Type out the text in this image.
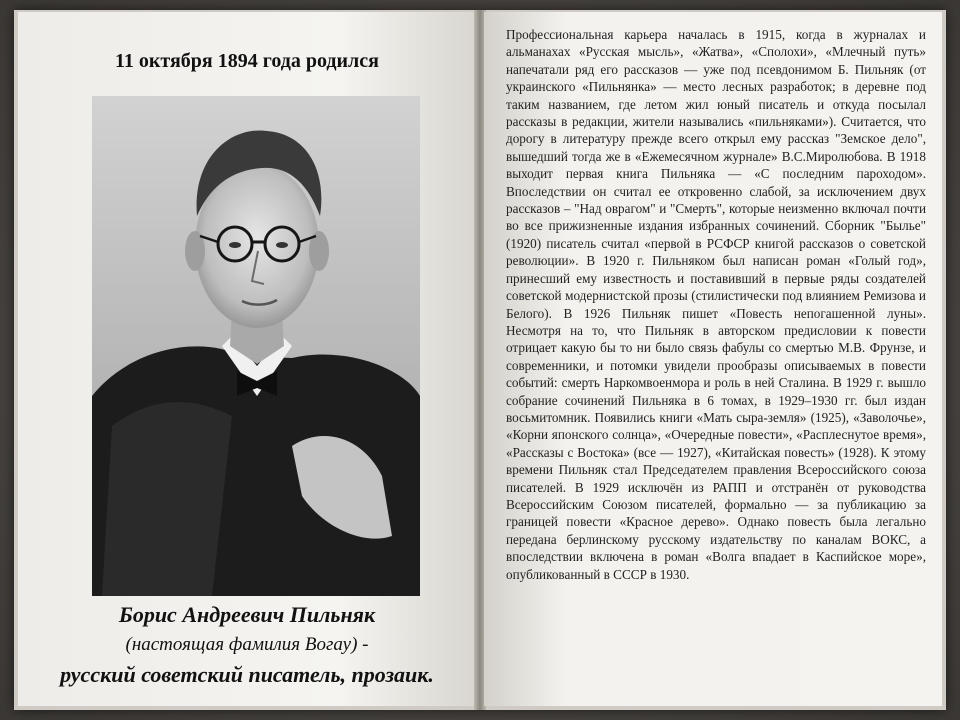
11 октября 1894 года родился

Борис Андреевич Пильняк

(настоящая фамилия Вогау) -

русский советский писатель, прозаик.

Профессиональная карьера началась в 1915, когда в журналах и альманахах «Русская мысль», «Жатва», «Сполохи», «Млечный путь» напечатали ряд его рассказов — уже под псевдонимом Б. Пильняк (от украинского «Пильнянка» — место лесных разработок; в деревне под таким названием, где летом жил юный писатель и откуда посылал рассказы в редакции, жители назывались «пильняками»). Считается, что дорогу в литературу прежде всего открыл ему рассказ "Земское дело", вышедший тогда же в «Ежемесячном журнале» В.С.Миролюбова. В 1918 выходит первая книга Пильняка — «С последним пароходом». Впоследствии он считал ее откровенно слабой, за исключением двух рассказов – "Над оврагом" и "Смерть", которые неизменно включал почти во все прижизненные издания избранных сочинений. Сборник "Былье" (1920) писатель считал «первой в РСФСР книгой рассказов о советской революции». В 1920 г. Пильняком был написан роман «Голый год», принесший ему известность и поставивший в первые ряды создателей советской модернистской прозы (стилистически под влиянием Ремизова и Белого). В 1926 Пильняк пишет «Повесть непогашенной луны». Несмотря на то, что Пильняк в авторском предисловии к повести отрицает какую бы то ни было связь фабулы со смертью М.В. Фрунзе, и современники, и потомки увидели прообразы описываемых в повести событий: смерть Наркомвоенмора и роль в ней Сталина. В 1929 г. вышло собрание сочинений Пильняка в 6 томах, в 1929–1930 гг. был издан восьмитомник. Появились книги «Мать сыра-земля» (1925), «Заволочье», «Корни японского солнца», «Очередные повести», «Расплеснутое время», «Рассказы с Востока» (все — 1927), «Китайская повесть» (1928). К этому времени Пильняк стал Председателем правления Всероссийского союза писателей. В 1929 исключён из РАПП и отстранён от руководства Всероссийским Союзом писателей, формально — за публикацию за границей повести «Красное дерево». Однако повесть была легально передана берлинскому русскому издательству по каналам ВОКС, а впоследствии включена в роман «Волга впадает в Каспийское море», опубликованный в СССР в 1930.
